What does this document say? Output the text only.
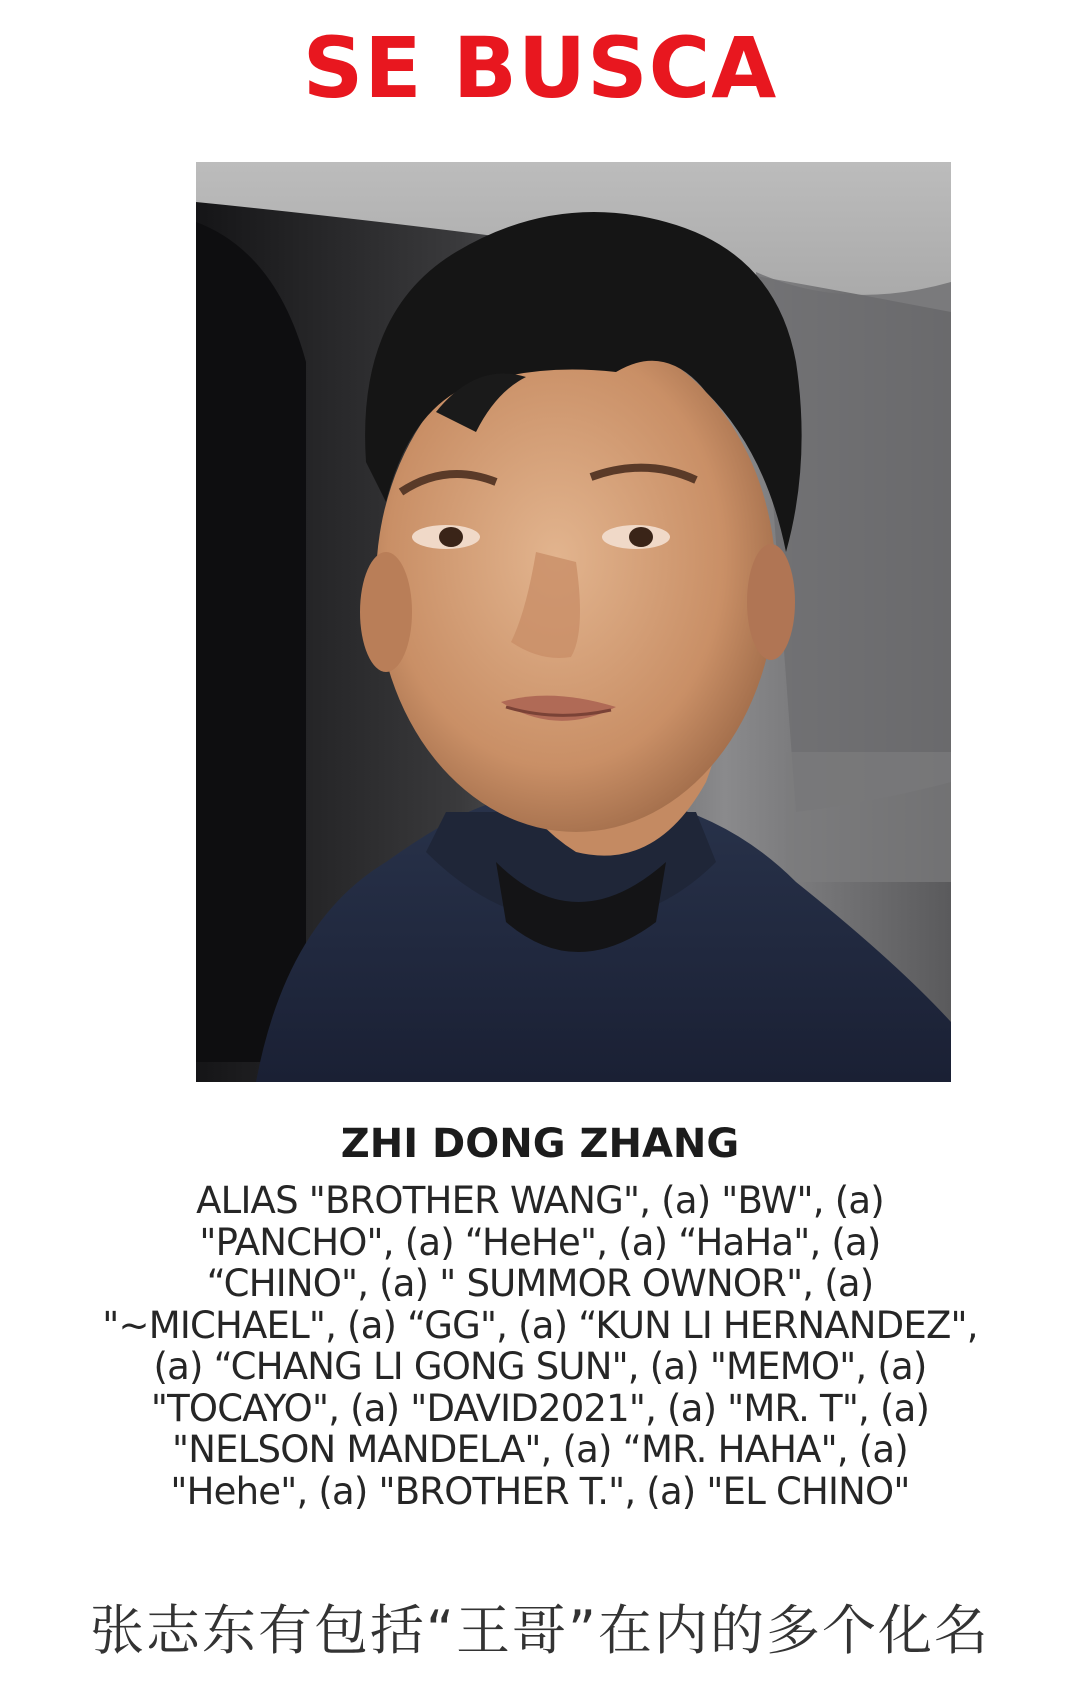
SE BUSCA
ZHI DONG ZHANG
ALIAS "BROTHER WANG", (a) "BW", (a)
"PANCHO", (a) “HeHe", (a) “HaHa", (a)
“CHINO", (a) " SUMMOR OWNOR", (a)
"~MICHAEL", (a) “GG", (a) “KUN LI HERNANDEZ",
(a) “CHANG LI GONG SUN", (a) "MEMO", (a)
"TOCAYO", (a) "DAVID2021", (a) "MR. T", (a)
"NELSON MANDELA", (a) “MR. HAHA", (a)
"Hehe", (a) "BROTHER T.", (a) "EL CHINO"
张志东有包括“王哥”在内的多个化名
